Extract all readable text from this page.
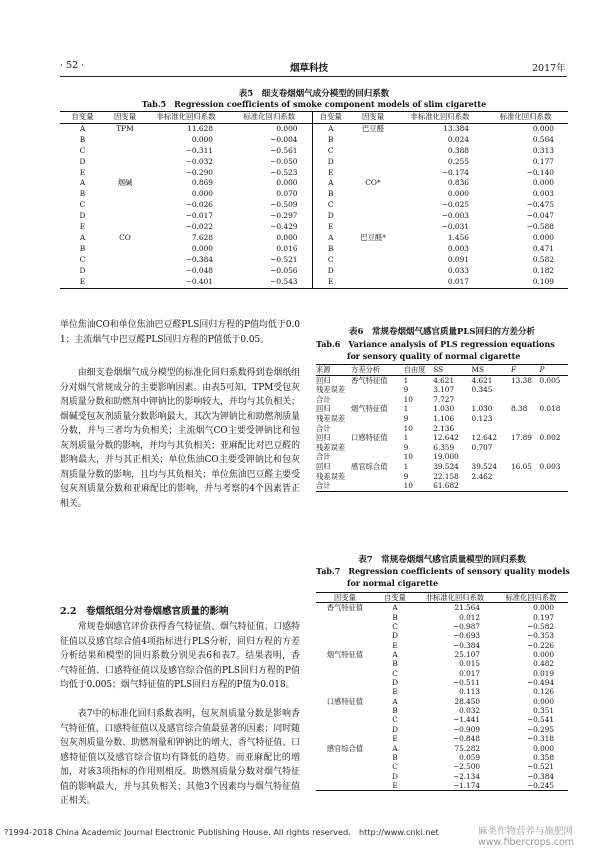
· 52 ·	烟草科技	2017年
表5　细支卷烟烟气成分模型的回归系数
Tab.5　Regression coefficients of smoke component models of slim cigarette
自变量	因变量	非标准化回归系数	标准化回归系数	自变量	因变量	非标准化回归系数	标准化回归系数
A	TPM	11.628	0.000	A	巴豆醛	13.384	0.000
B		0.000	−0.004	B		0.024	0.564
C		−0.311	−0.561	C		0.388	0.313
D		−0.032	−0.050	D		0.255	0.177
E		−0.290	−0.523	E		−0.174	−0.140
A	烟碱	0.869	0.000	A	CO*	0.836	0.000
B		0.000	0.070	B		0.000	0.003
C		−0.026	−0.509	C		−0.025	−0.475
D		−0.017	−0.297	D		−0.003	−0.047
E		−0.022	−0.429	E		−0.031	−0.588
A	CO	7.628	0.000	A	巴豆醛*	1.456	0.000
B		0.000	0.016	B		0.003	0.471
C		−0.384	−0.521	C		0.091	0.582
D		−0.048	−0.056	D		0.033	0.182
E		−0.401	−0.543	E		0.017	0.109

单位焦油CO和单位焦油巴豆醛PLS回归方程的P值均低于0.01；主流烟气中巴豆醛PLS回归方程的P值低于0.05。

由细支卷烟烟气成分模型的标准化回归系数得到卷烟纸组分对烟气常规成分的主要影响因素。由表5可知，TPM受包灰剂质量分数和助燃剂中钾钠比的影响较大，并均与其负相关；烟碱受包灰剂质量分数影响最大，其次为钾钠比和助燃剂质量分数，并与三者均为负相关；主流烟气CO主要受钾钠比和包灰剂质量分数的影响，并均与其负相关；亚麻配比对巴豆醛的影响最大，并与其正相关；单位焦油CO主要受钾钠比和包灰剂质量分数的影响，且均与其负相关；单位焦油巴豆醛主要受包灰剂质量分数和亚麻配比的影响，并与考察的4个因素皆正相关。

2.2　卷烟纸组分对卷烟感官质量的影响

常规卷烟感官评价获得香气特征值、烟气特征值、口感特征值以及感官综合值4项指标进行PLS分析，回归方程的方差分析结果和模型的回归系数分别见表6和表7。结果表明，香气特征值、口感特征值以及感官综合值的PLS回归方程的P值均低于0.005；烟气特征值的PLS回归方程的P值为0.018。

表7中的标准化回归系数表明，包灰剂质量分数是影响香气特征值、口感特征值以及感官综合值最显著的因素；同时随包灰剂质量分数、助燃剂量和钾钠比的增大，香气特征值、口感特征值以及感官综合值均有降低的趋势。而亚麻配比的增加，对该3项指标的作用则相反。助燃剂质量分数对烟气特征值的影响最大，并与其负相关；其他3个因素均与烟气特征值正相关。

表6　常规卷烟烟气感官质量PLS回归的方差分析
Tab.6　Variance analysis of PLS regression equations
for sensory quality of normal cigarette
来源	方差分析	自由度	SS	MS	F	P
回归	香气特征值	1	4.621	4.621	13.38	0.005
残差误差		9	3.107	0.345		
合计		10	7.727			
回归	烟气特征值	1	1.030	1.030	8.38	0.018
残差误差		9	1.106	0.123		
合计		10	2.136			
回归	口感特征值	1	12.642	12.642	17.89	0.002
残差误差		9	6.359	0.707		
合计		10	19.000			
回归	感官综合值	1	39.524	39.524	16.05	0.003
残差误差		9	22.158	2.462		
合计		10	61.682			
表7　常规卷烟烟气感官质量模型的回归系数
Tab.7　Regression coefficients of sensory quality models
for normal cigarette
因变量	自变量	非标准化回归系数	标准化回归系数
香气特征值	A	21.564	0.000
	B	0.012	0.197
	C	−0.987	−0.582
	D	−0.693	−0.353
	E	−0.384	−0.226
烟气特征值	A	25.107	0.000
	B	0.015	0.482
	C	0.017	0.019
	D	−0.511	−0.494
	E	0.113	0.126
口感特征值	A	28.450	0.000
	B	0.032	0.351
	C	−1.441	−0.541
	D	−0.909	−0.295
	E	−0.848	−0.318
感官综合值	A	75.282	0.000
	B	0.059	0.358
	C	−2.500	−0.521
	D	−2.134	−0.384
	E	−1.174	−0.245
?1994-2018 China Academic Journal Electronic Publishing House. All rights reserved.　http://www.cnki.net	麻类作物营养与施肥网 www.fibercrops.com
